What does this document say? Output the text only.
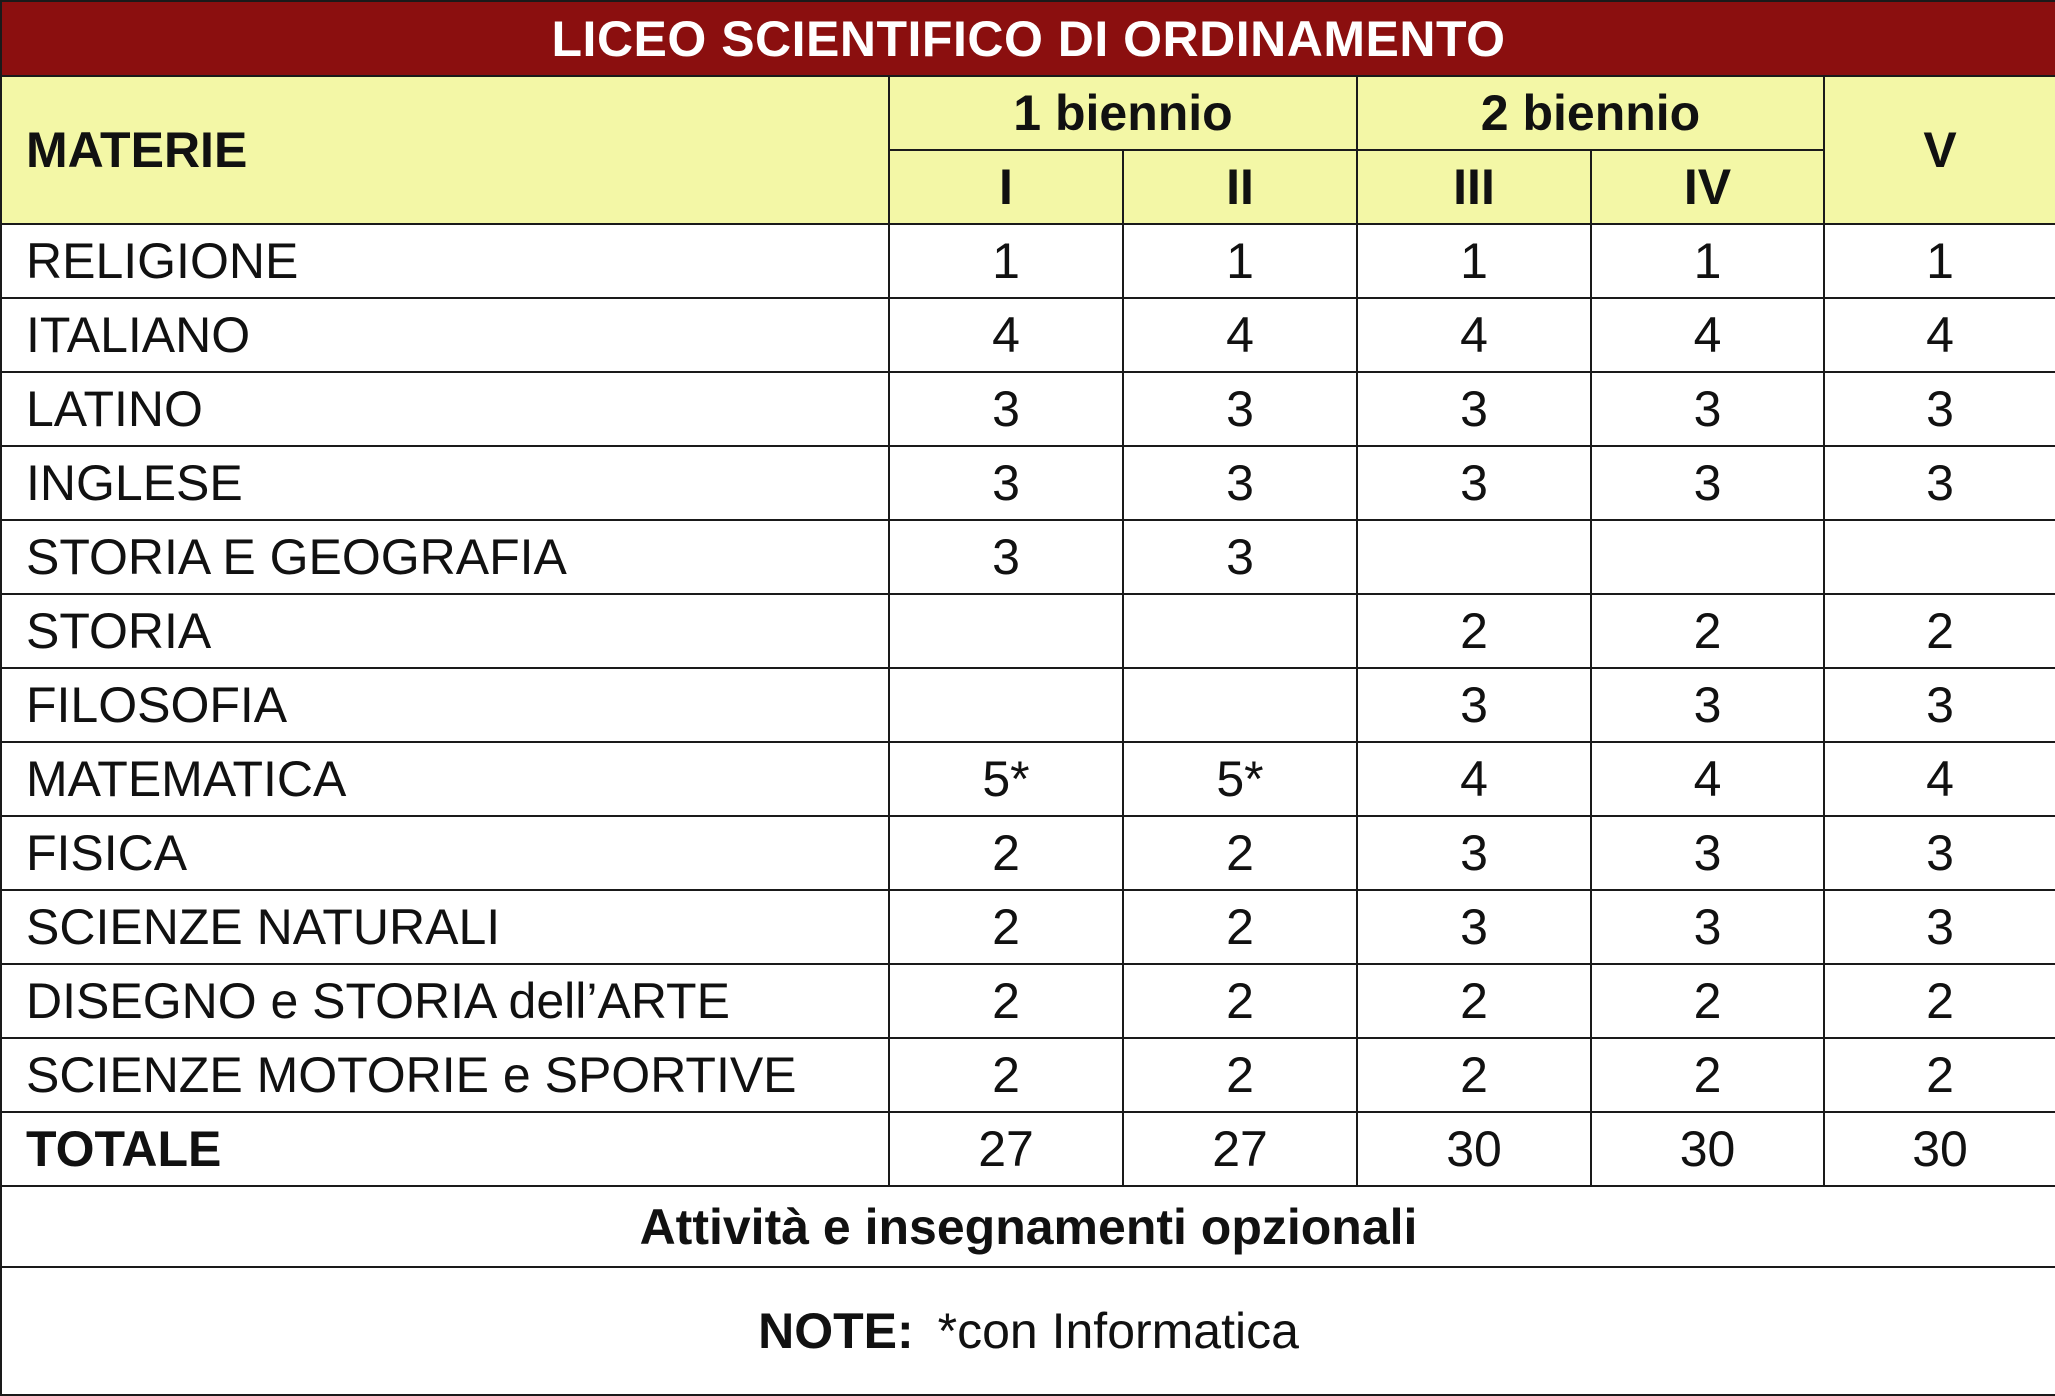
LICEO SCIENTIFICO DI ORDINAMENTO					
MATERIE	1 biennio		2 biennio		V
	I	II	III	IV	
RELIGIONE	1	1	1	1	1
ITALIANO	4	4	4	4	4
LATINO	3	3	3	3	3
INGLESE	3	3	3	3	3
STORIA E GEOGRAFIA	3	3			
STORIA			2	2	2
FILOSOFIA			3	3	3
MATEMATICA	5*	5*	4	4	4
FISICA	2	2	3	3	3
SCIENZE NATURALI	2	2	3	3	3
DISEGNO e STORIA dell’ARTE	2	2	2	2	2
SCIENZE MOTORIE e SPORTIVE	2	2	2	2	2
TOTALE	27	27	30	30	30
Attività e insegnamenti opzionali					
NOTE: *con Informatica					
